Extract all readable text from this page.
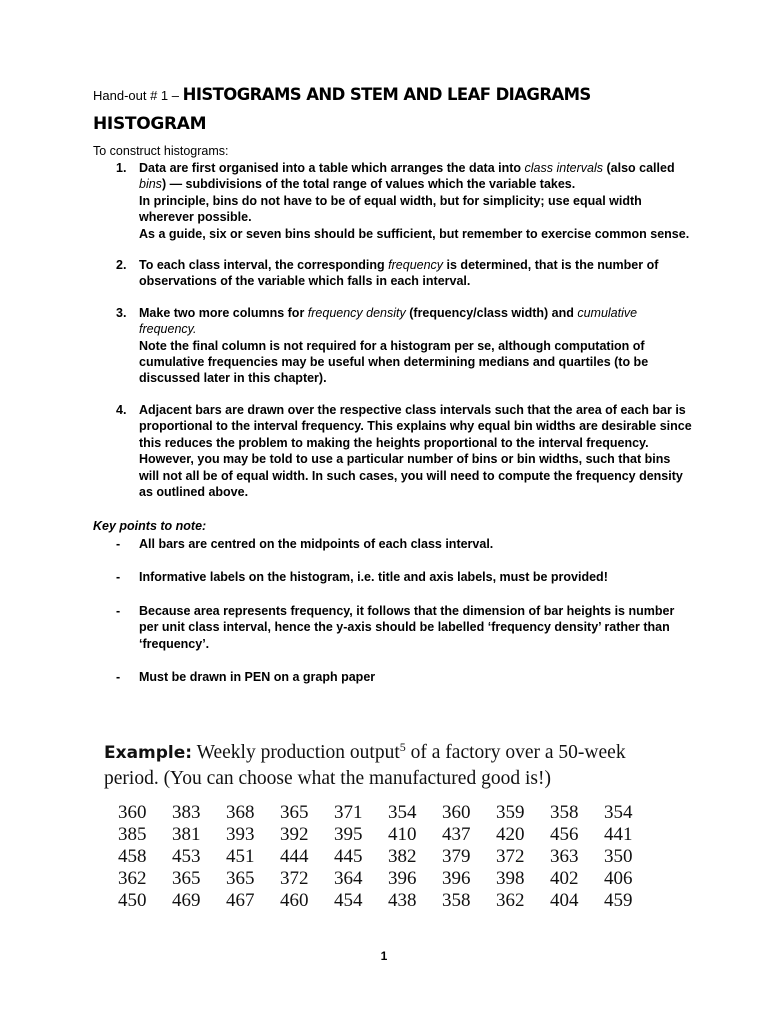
Hand-out # 1 – HISTOGRAMS AND STEM AND LEAF DIAGRAMS
HISTOGRAM
To construct histograms:
1. Data are first organised into a table which arranges the data into class intervals (also called bins) — subdivisions of the total range of values which the variable takes.

In principle, bins do not have to be of equal width, but for simplicity; use equal width wherever possible.

As a guide, six or seven bins should be sufficient, but remember to exercise common sense.

2. To each class interval, the corresponding frequency is determined, that is the number of observations of the variable which falls in each interval.

3. Make two more columns for frequency density (frequency/class width) and cumulative frequency.

Note the final column is not required for a histogram per se, although computation of cumulative frequencies may be useful when determining medians and quartiles (to be discussed later in this chapter).

4. Adjacent bars are drawn over the respective class intervals such that the area of each bar is proportional to the interval frequency. This explains why equal bin widths are desirable since this reduces the problem to making the heights proportional to the interval frequency. However, you may be told to use a particular number of bins or bin widths, such that bins will not all be of equal width. In such cases, you will need to compute the frequency density as outlined above.

Key points to note:
- All bars are centred on the midpoints of each class interval.
- Informative labels on the histogram, i.e. title and axis labels, must be provided!
- Because area represents frequency, it follows that the dimension of bar heights is number per unit class interval, hence the y-axis should be labelled ‘frequency density’ rather than ‘frequency’.
- Must be drawn in PEN on a graph paper
Example: Weekly production output$^5$ of a factory over a 50-week period. (You can choose what the manufactured good is!)
360	383	368	365	371	354	360	359	358	354
385	381	393	392	395	410	437	420	456	441
458	453	451	444	445	382	379	372	363	350
362	365	365	372	364	396	396	398	402	406
450	469	467	460	454	438	358	362	404	459
1
